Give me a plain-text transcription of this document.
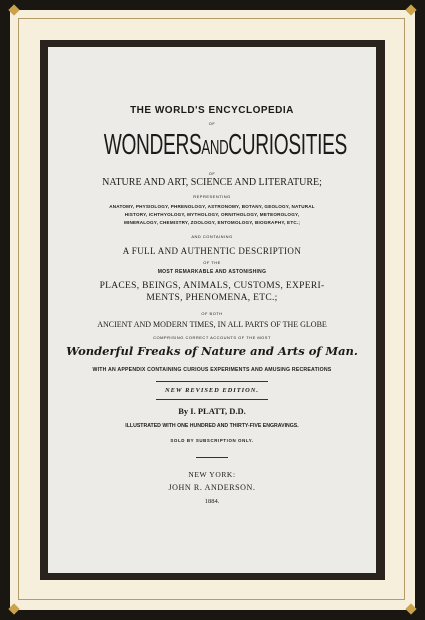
THE WORLD'S ENCYCLOPEDIA
OF
WONDERSANDCURIOSITIES
OF
NATURE AND ART, SCIENCE AND LITERATURE;
REPRESENTING
ANATOMY, PHYSIOLOGY, PHRENOLOGY, ASTRONOMY, BOTANY, GEOLOGY, NATURAL
HISTORY, ICHTHYOLOGY, MYTHOLOGY, ORNITHOLOGY, METEOROLOGY,
MINERALOGY, CHEMISTRY, ZOOLOGY, ENTOMOLOGY, BIOGRAPHY, ETC.;
AND CONTAINING
A FULL AND AUTHENTIC DESCRIPTION
OF THE
MOST REMARKABLE AND ASTONISHING
PLACES, BEINGS, ANIMALS, CUSTOMS, EXPERI-
MENTS, PHENOMENA, ETC.;
OF BOTH
ANCIENT AND MODERN TIMES, IN ALL PARTS OF THE GLOBE
COMPRISING CORRECT ACCOUNTS OF THE MOST
Wonderful Freaks of Nature and Arts of Man.
WITH AN APPENDIX CONTAINING CURIOUS EXPERIMENTS AND AMUSING RECREATIONS
NEW REVISED EDITION.
By I. PLATT, D.D.
ILLUSTRATED WITH ONE HUNDRED AND THIRTY-FIVE ENGRAVINGS.
SOLD BY SUBSCRIPTION ONLY.
NEW YORK:
JOHN R. ANDERSON.
1884.
